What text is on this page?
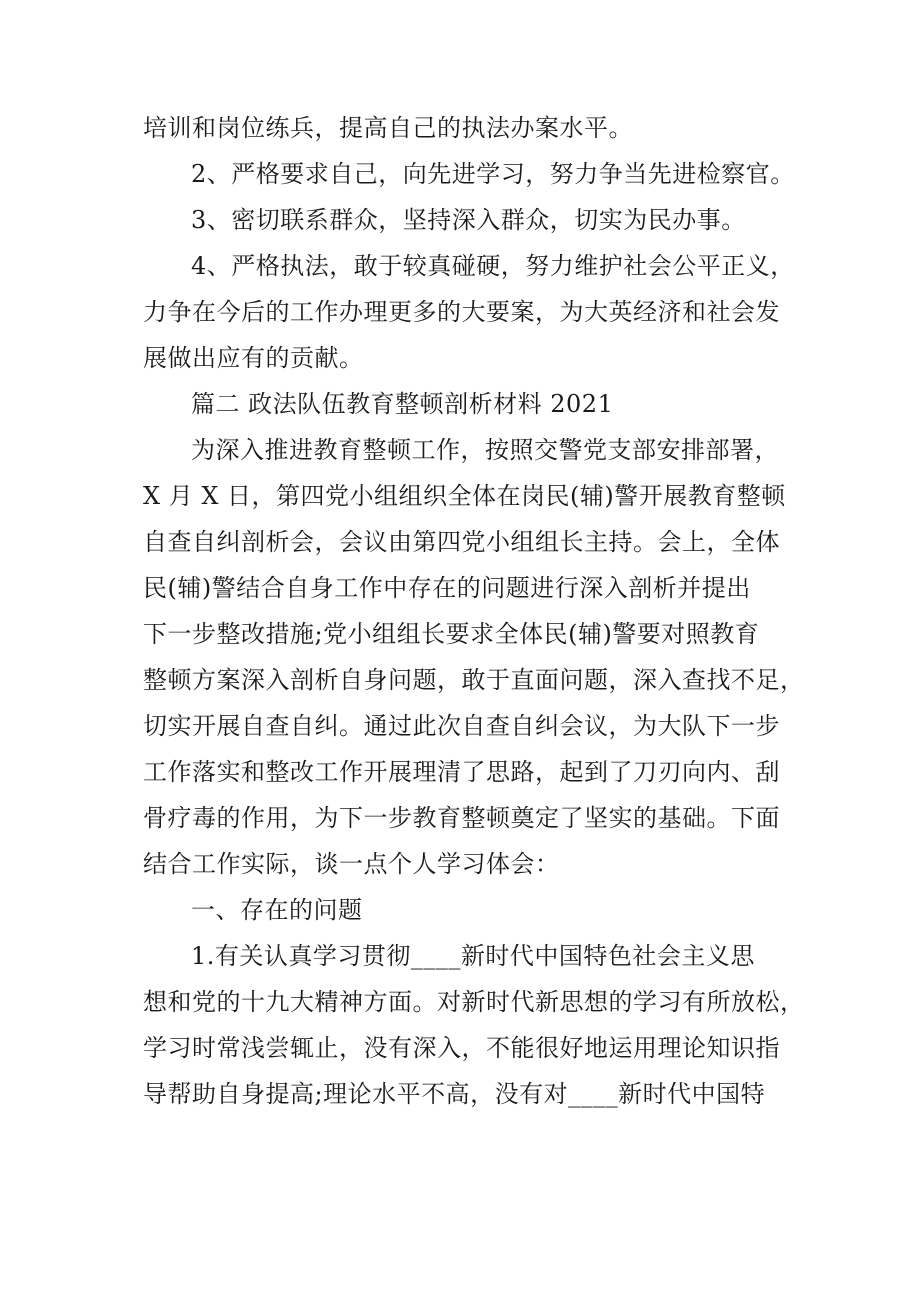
培训和岗位练兵，提高自己的执法办案水平。
2、严格要求自己，向先进学习，努力争当先进检察官。
3、密切联系群众，坚持深入群众，切实为民办事。
4、严格执法，敢于较真碰硬，努力维护社会公平正义，
力争在今后的工作办理更多的大要案，为大英经济和社会发
展做出应有的贡献。
篇二 政法队伍教育整顿剖析材料 2021
为深入推进教育整顿工作，按照交警党支部安排部署，
X 月 X 日，第四党小组组织全体在岗民(辅)警开展教育整顿
自查自纠剖析会，会议由第四党小组组长主持。会上，全体
民(辅)警结合自身工作中存在的问题进行深入剖析并提出
下一步整改措施;党小组组长要求全体民(辅)警要对照教育
整顿方案深入剖析自身问题，敢于直面问题，深入查找不足，
切实开展自查自纠。通过此次自查自纠会议，为大队下一步
工作落实和整改工作开展理清了思路，起到了刀刃向内、刮
骨疗毒的作用，为下一步教育整顿奠定了坚实的基础。下面
结合工作实际，谈一点个人学习体会：
一、存在的问题
1.有关认真学习贯彻____新时代中国特色社会主义思
想和党的十九大精神方面。对新时代新思想的学习有所放松，
学习时常浅尝辄止，没有深入，不能很好地运用理论知识指
导帮助自身提高;理论水平不高，没有对____新时代中国特
